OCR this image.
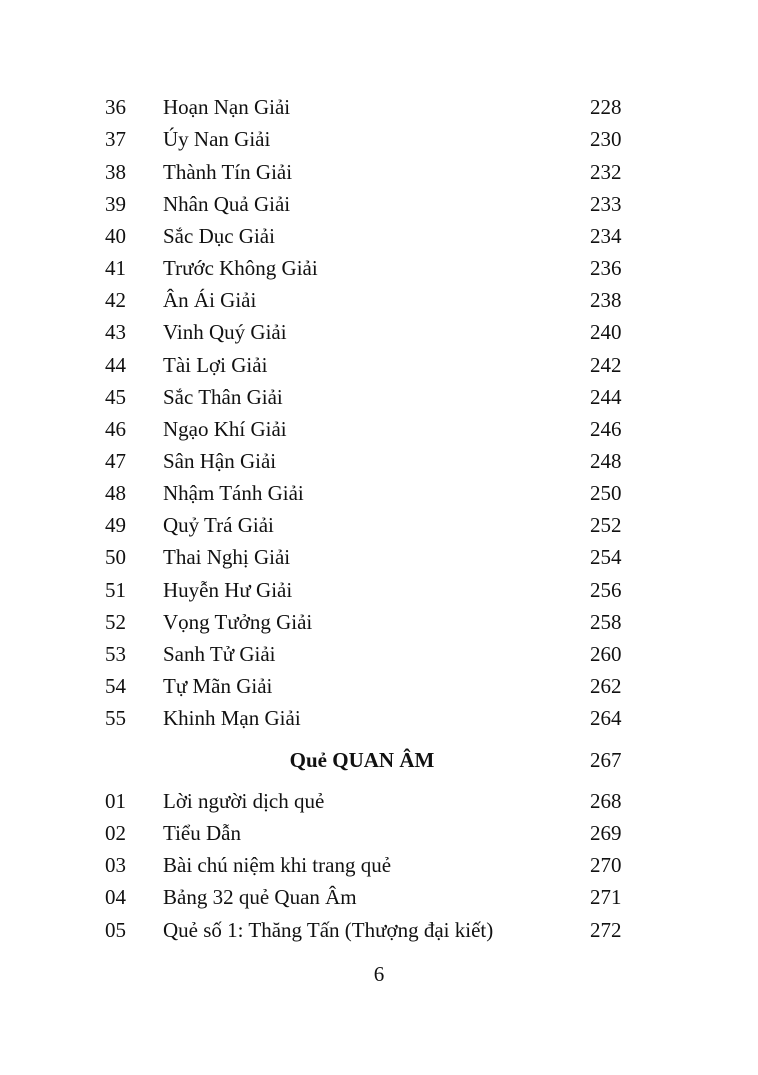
36 Hoạn Nạn Giải	228
37 Úy Nan Giải	230
38 Thành Tín Giải	232
39 Nhân Quả Giải	233
40 Sắc Dục Giải	234
41 Trước Không Giải	236
42 Ân Ái Giải	238
43 Vinh Quý Giải	240
44 Tài Lợi Giải	242
45 Sắc Thân Giải	244
46 Ngạo Khí Giải	246
47 Sân Hận Giải	248
48 Nhậm Tánh Giải	250
49 Quỷ Trá Giải	252
50 Thai Nghị Giải	254
51 Huyễn Hư Giải	256
52 Vọng Tưởng Giải	258
53 Sanh Tử Giải	260
54 Tự Mãn Giải	262
55 Khinh Mạn Giải	264
Quẻ QUAN ÂM	267
01 Lời người dịch quẻ	268
02 Tiểu Dẫn	269
03 Bài chú niệm khi trang quẻ	270
04 Bảng 32 quẻ Quan Âm	271
05 Quẻ số 1: Thăng Tấn (Thượng đại kiết)	272
6
